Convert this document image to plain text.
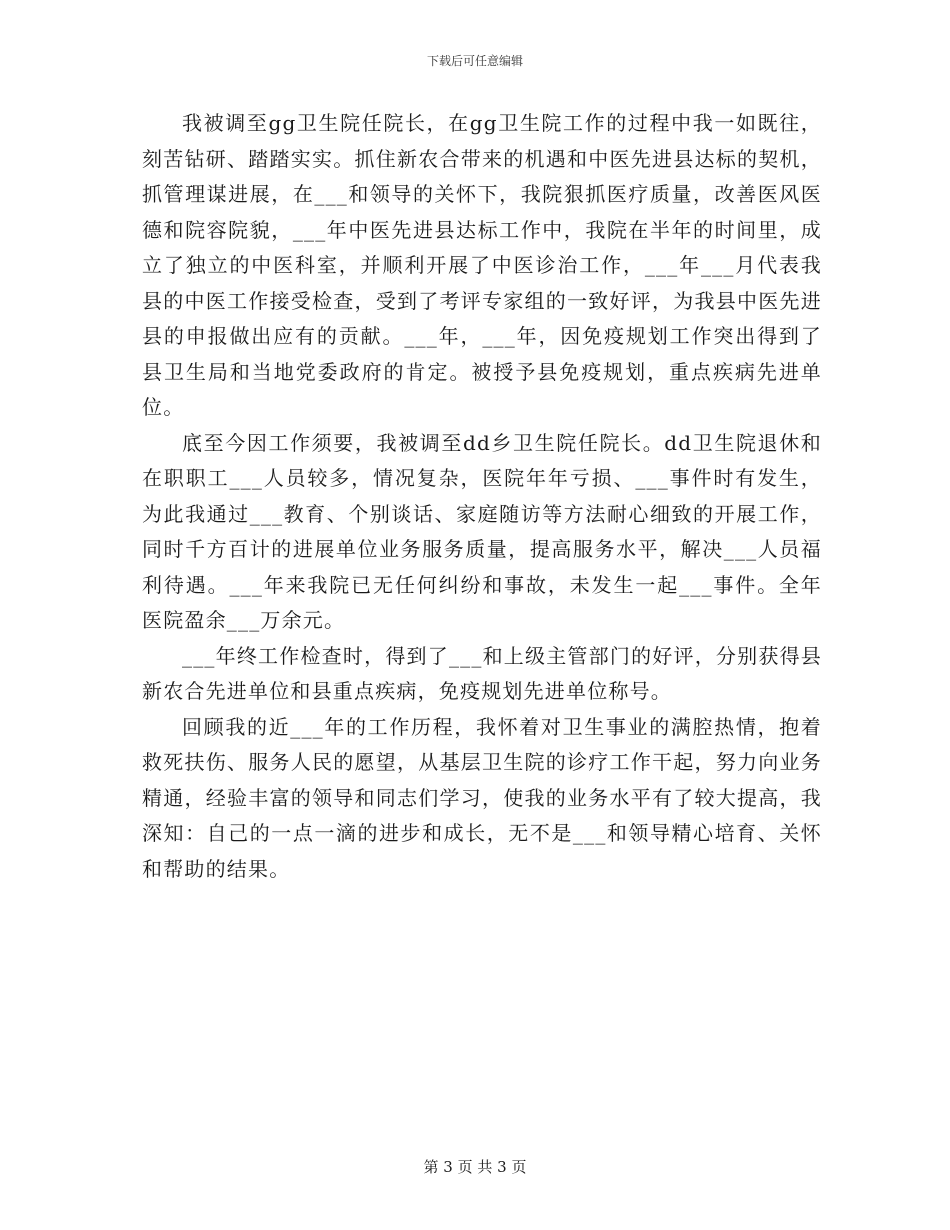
下载后可任意编辑

我被调至gg卫生院任院长，在gg卫生院工作的过程中我一如既往，刻苦钻研、踏踏实实。抓住新农合带来的机遇和中医先进县达标的契机，抓管理谋进展，在___和领导的关怀下，我院狠抓医疗质量，改善医风医德和院容院貌，___年中医先进县达标工作中，我院在半年的时间里，成立了独立的中医科室，并顺利开展了中医诊治工作，___年___月代表我县的中医工作接受检查，受到了考评专家组的一致好评，为我县中医先进县的申报做出应有的贡献。___年，___年，因免疫规划工作突出得到了县卫生局和当地党委政府的肯定。被授予县免疫规划，重点疾病先进单位。

底至今因工作须要，我被调至dd乡卫生院任院长。dd卫生院退休和在职职工___人员较多，情况复杂，医院年年亏损、___事件时有发生，为此我通过___教育、个别谈话、家庭随访等方法耐心细致的开展工作，同时千方百计的进展单位业务服务质量，提高服务水平，解决___人员福利待遇。___年来我院已无任何纠纷和事故，未发生一起___事件。全年医院盈余___万余元。

___年终工作检查时，得到了___和上级主管部门的好评，分别获得县新农合先进单位和县重点疾病，免疫规划先进单位称号。

回顾我的近___年的工作历程，我怀着对卫生事业的满腔热情，抱着救死扶伤、服务人民的愿望，从基层卫生院的诊疗工作干起，努力向业务精通，经验丰富的领导和同志们学习，使我的业务水平有了较大提高，我深知：自己的一点一滴的进步和成长，无不是___和领导精心培育、关怀和帮助的结果。

第 3 页 共 3 页
